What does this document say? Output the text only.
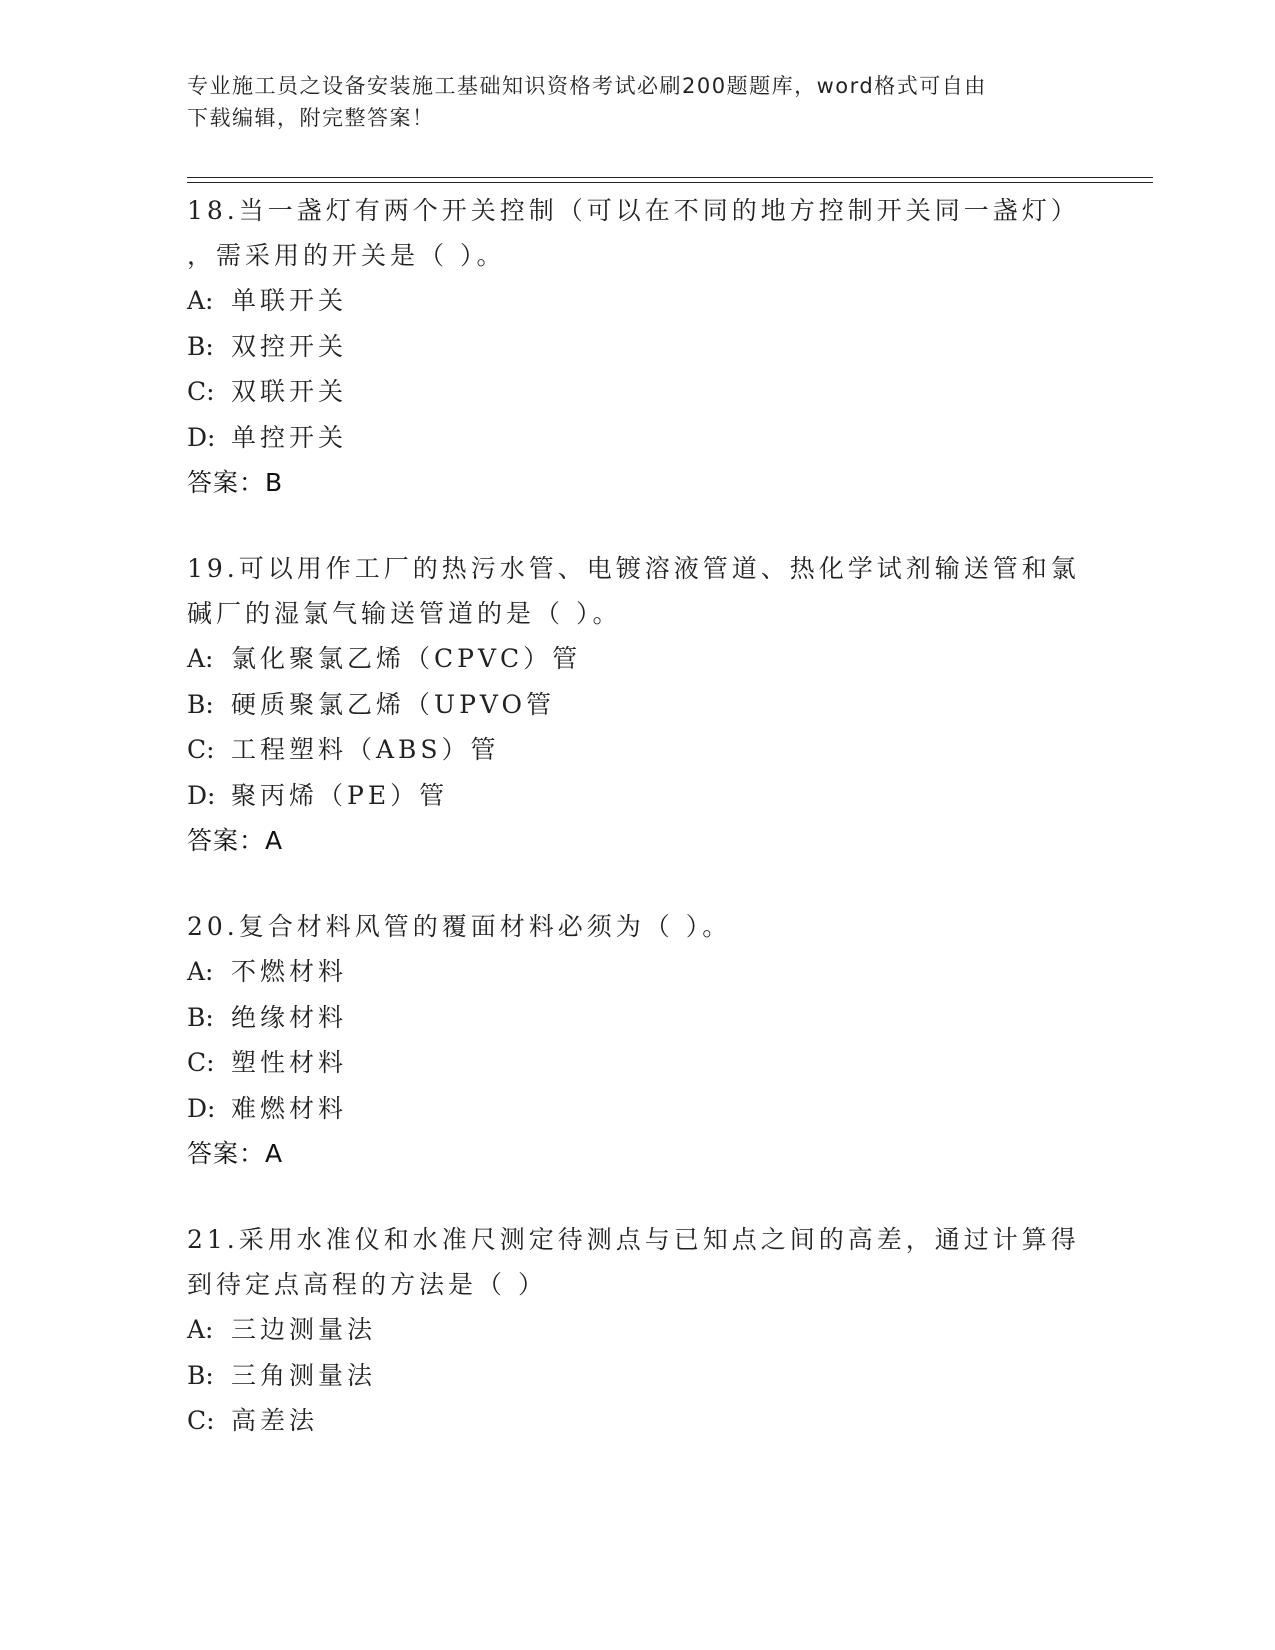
专业施工员之设备安装施工基础知识资格考试必刷200题题库，word格式可自由
下载编辑，附完整答案！
18.当一盏灯有两个开关控制（可以在不同的地方控制开关同一盏灯）
，需采用的开关是（ ）。
A: 单联开关
B: 双控开关
C: 双联开关
D: 单控开关
答案：B
19.可以用作工厂的热污水管、电镀溶液管道、热化学试剂输送管和氯
碱厂的湿氯气输送管道的是（ ）。
A: 氯化聚氯乙烯（CPVC）管
B: 硬质聚氯乙烯（UPVO管
C: 工程塑料（ABS）管
D: 聚丙烯（PE）管
答案：A
20.复合材料风管的覆面材料必须为（ ）。
A: 不燃材料
B: 绝缘材料
C: 塑性材料
D: 难燃材料
答案：A
21.采用水准仪和水准尺测定待测点与已知点之间的高差，通过计算得
到待定点高程的方法是（ ）
A: 三边测量法
B: 三角测量法
C: 高差法
